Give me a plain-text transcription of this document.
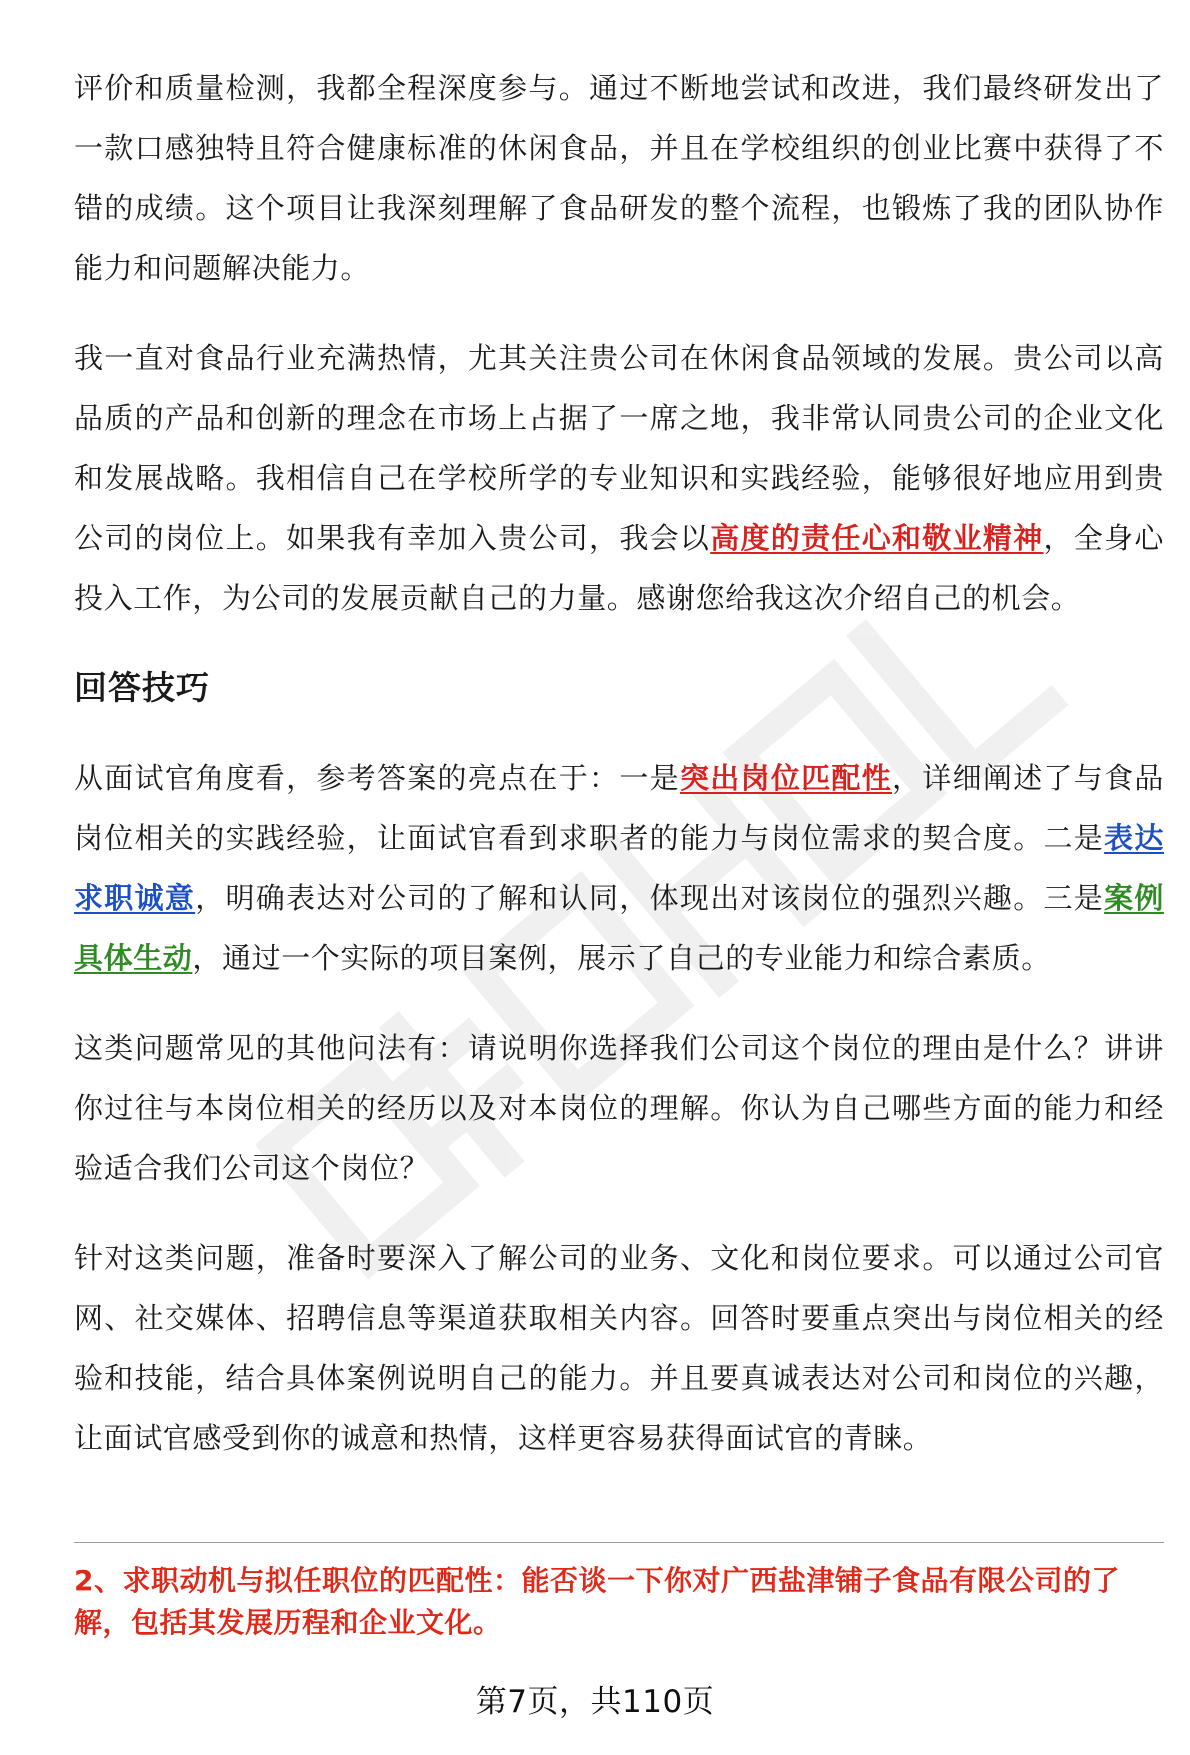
评价和质量检测，我都全程深度参与。通过不断地尝试和改进，我们最终研发出了一款口感独特且符合健康标准的休闲食品，并且在学校组织的创业比赛中获得了不错的成绩。这个项目让我深刻理解了食品研发的整个流程，也锻炼了我的团队协作能力和问题解决能力。

我一直对食品行业充满热情，尤其关注贵公司在休闲食品领域的发展。贵公司以高品质的产品和创新的理念在市场上占据了一席之地，我非常认同贵公司的企业文化和发展战略。我相信自己在学校所学的专业知识和实践经验，能够很好地应用到贵公司的岗位上。如果我有幸加入贵公司，我会以高度的责任心和敬业精神，全身心投入工作，为公司的发展贡献自己的力量。感谢您给我这次介绍自己的机会。

回答技巧

从面试官角度看，参考答案的亮点在于：一是突出岗位匹配性，详细阐述了与食品岗位相关的实践经验，让面试官看到求职者的能力与岗位需求的契合度。二是表达求职诚意，明确表达对公司的了解和认同，体现出对该岗位的强烈兴趣。三是案例具体生动，通过一个实际的项目案例，展示了自己的专业能力和综合素质。

这类问题常见的其他问法有：请说明你选择我们公司这个岗位的理由是什么？讲讲你过往与本岗位相关的经历以及对本岗位的理解。你认为自己哪些方面的能力和经验适合我们公司这个岗位？

针对这类问题，准备时要深入了解公司的业务、文化和岗位要求。可以通过公司官网、社交媒体、招聘信息等渠道获取相关内容。回答时要重点突出与岗位相关的经验和技能，结合具体案例说明自己的能力。并且要真诚表达对公司和岗位的兴趣，让面试官感受到你的诚意和热情，这样更容易获得面试官的青睐。

2、求职动机与拟任职位的匹配性：能否谈一下你对广西盐津铺子食品有限公司的了解，包括其发展历程和企业文化。

第7页，共110页
